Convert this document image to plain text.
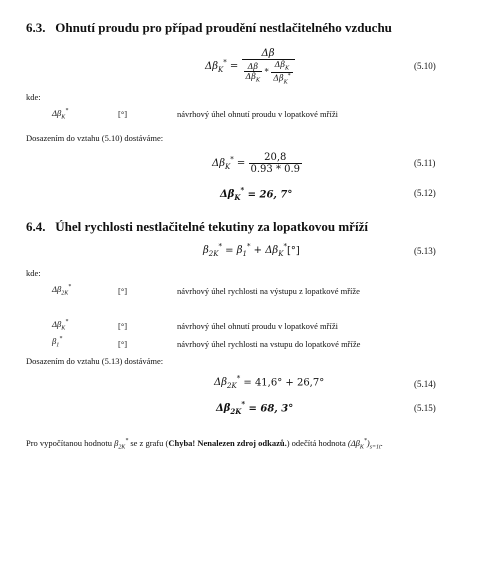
6.3. Ohnutí proudu pro případ proudění nestlačitelného vzduchu
$\Delta\beta_K^*$ =
Δβ
$\frac{\Delta\beta}{\Delta\beta_K} * \frac{\Delta\beta_K}{\Delta\beta_K^*}$	(5.10)
kde:
$\Delta\beta_K^*$	[°]	návrhový úhel ohnutí proudu v lopatkové mříži
Dosazením do vztahu (5.10) dostáváme:
$\Delta\beta_K^* = \frac{20,8}{0.93 * 0.9}$	(5.11)
$\Delta\beta_K^* = 26$, 7°	(5.12)
6.4. Úhel rychlosti nestlačitelné tekutiny za lopatkovou mříží
$\beta_{2K}^* = \beta_1^* + \Delta\beta_K^*[^\circ]$	(5.13)
kde:
$\Delta\beta_{2K}^*$	[°]	návrhový úhel rychlosti na výstupu z lopatkové mříže
$\Delta\beta_K^*$	[°]	návrhový úhel ohnutí proudu v lopatkové mříži
$\beta_1^*$	[°]	návrhový úhel rychlosti na vstupu do lopatkové mříže
Dosazením do vztahu (5.13) dostáváme:
$\Delta\beta_{2K}^* = 41,6^\circ + 26,7^\circ$	(5.14)
$\Delta\beta_{2K}^* = 68$, 3°	(5.15)
Pro vypočítanou hodnotu $\beta_{2K}^*$ se z grafu (Chyba! Nenalezen zdroj odkazů.) odečítá hodnota $(\Delta\beta_K^*)_{s=1t}$.
